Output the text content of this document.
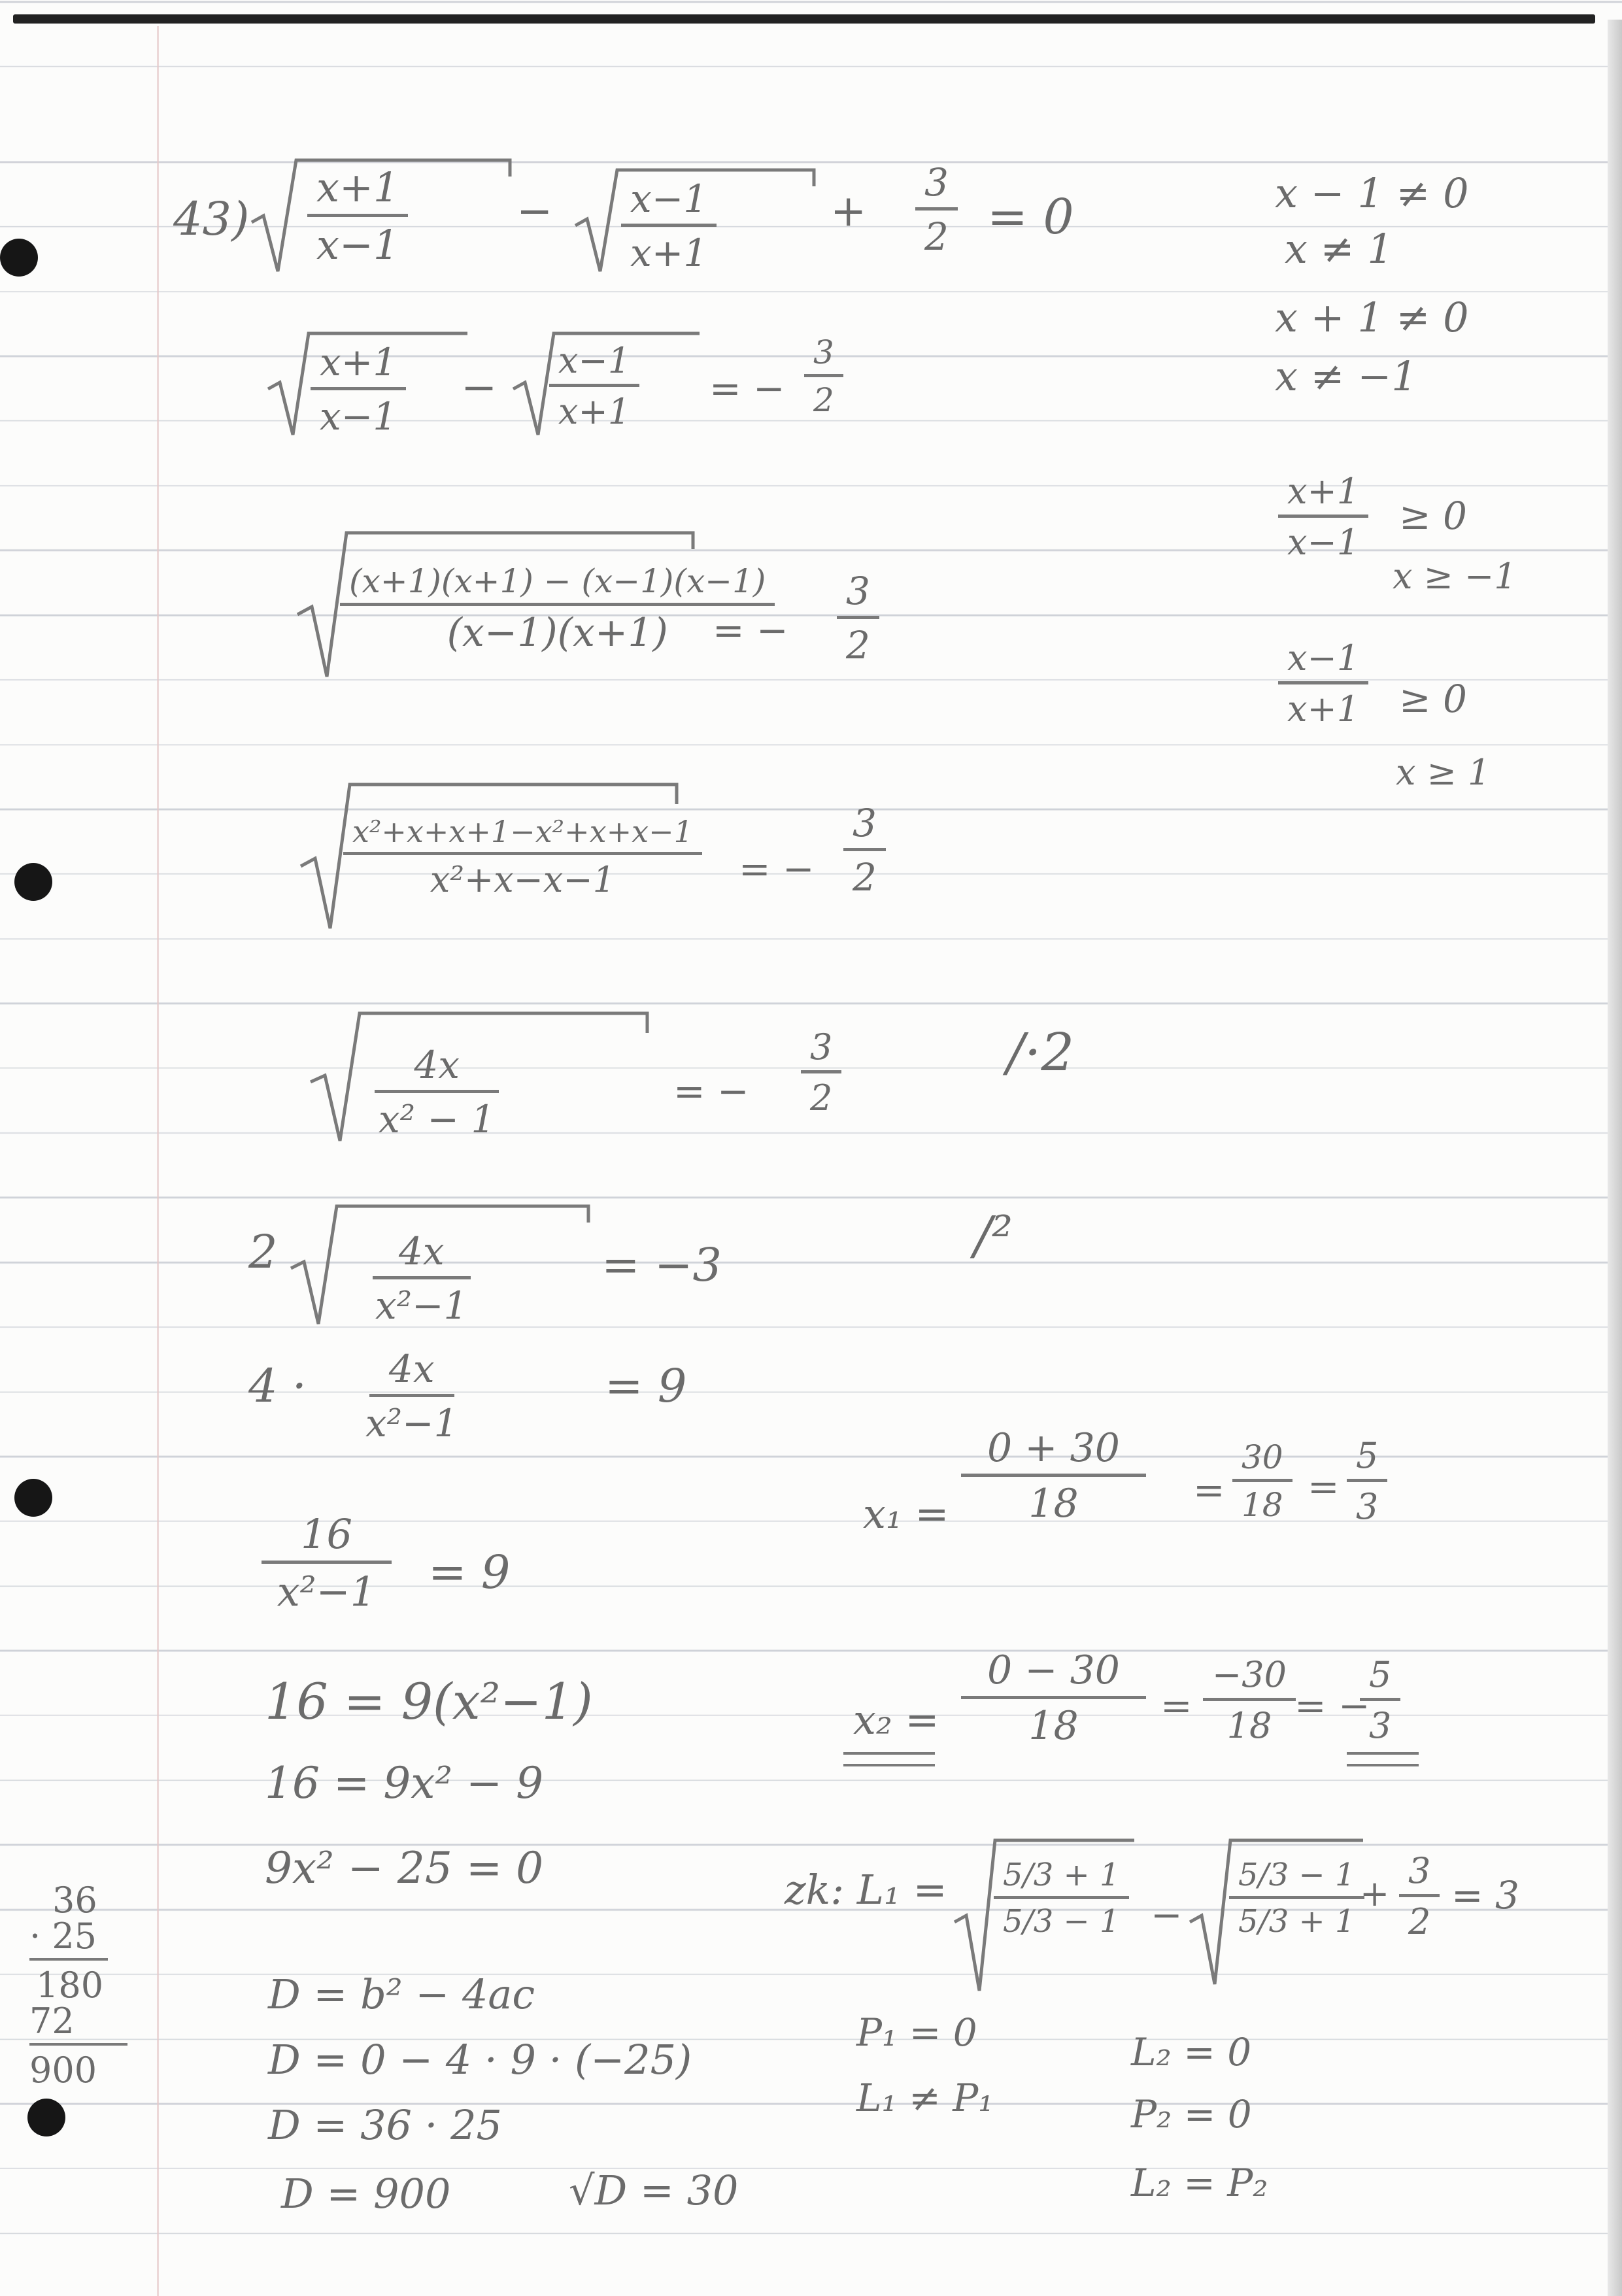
$43) \frac{x+1}{x-1}$	− $\frac{x-1}{x+1}$	+ $\frac{3}{2} = 0$
$\frac{x+1}{x-1} - \frac{x-1}{x+1}$ = − $\frac{3}{2}$
(x+1)(x+1) − (x−1)(x−1)
(x−1)(x+1) = − $\frac{3}{2}$
$\frac{\text{x²+x+x+1−x²+x+x−1}}{\text{x²+x−x−1}}$ = − $\frac{3}{2}$
$\frac{4x}{\text{x² − 1}}$	= − $\frac{3}{2}$	/·2
$2 \frac{4x}{\text{x²−1}}$	= −3	/²
$4 \cdot \frac{4x}{\text{x²−1}}$	= 9
$\frac{16}{\text{x²−1}} = 9$
16 = 9(x²−1)
16 = 9x² − 9
9x² − 25 = 0
D = b² − 4ac
D = 0 − 4 · 9 · (−25)
D = 36 · 25
D = 900	√D = 30
x − 1 ≠ 0
x ≠ 1
x + 1 ≠ 0
x ≠ −1
$\frac{x+1}{x-1} \ge 0$
x ≥ −1
$\frac{x-1}{x+1} \ge 0$
x ≥ 1
$x_1 = \frac{0 + 30}{18} = \frac{30}{18} = \frac{5}{3}$
$x_2 = \frac{0 - 30}{18} = \frac{-30}{18}$
= −
$\frac{5}{3}$
zk: $L_1 = \frac{5/3 + 1}{5/3 - 1} - \frac{5/3 - 1}{5/3 + 1}$
+ $\frac{3}{2} = 3$
P₁ = 0
L₁ ≠ P₁
L₂ = 0
P₂ = 0
L₂ = P₂
36
· 25
180
72
900
